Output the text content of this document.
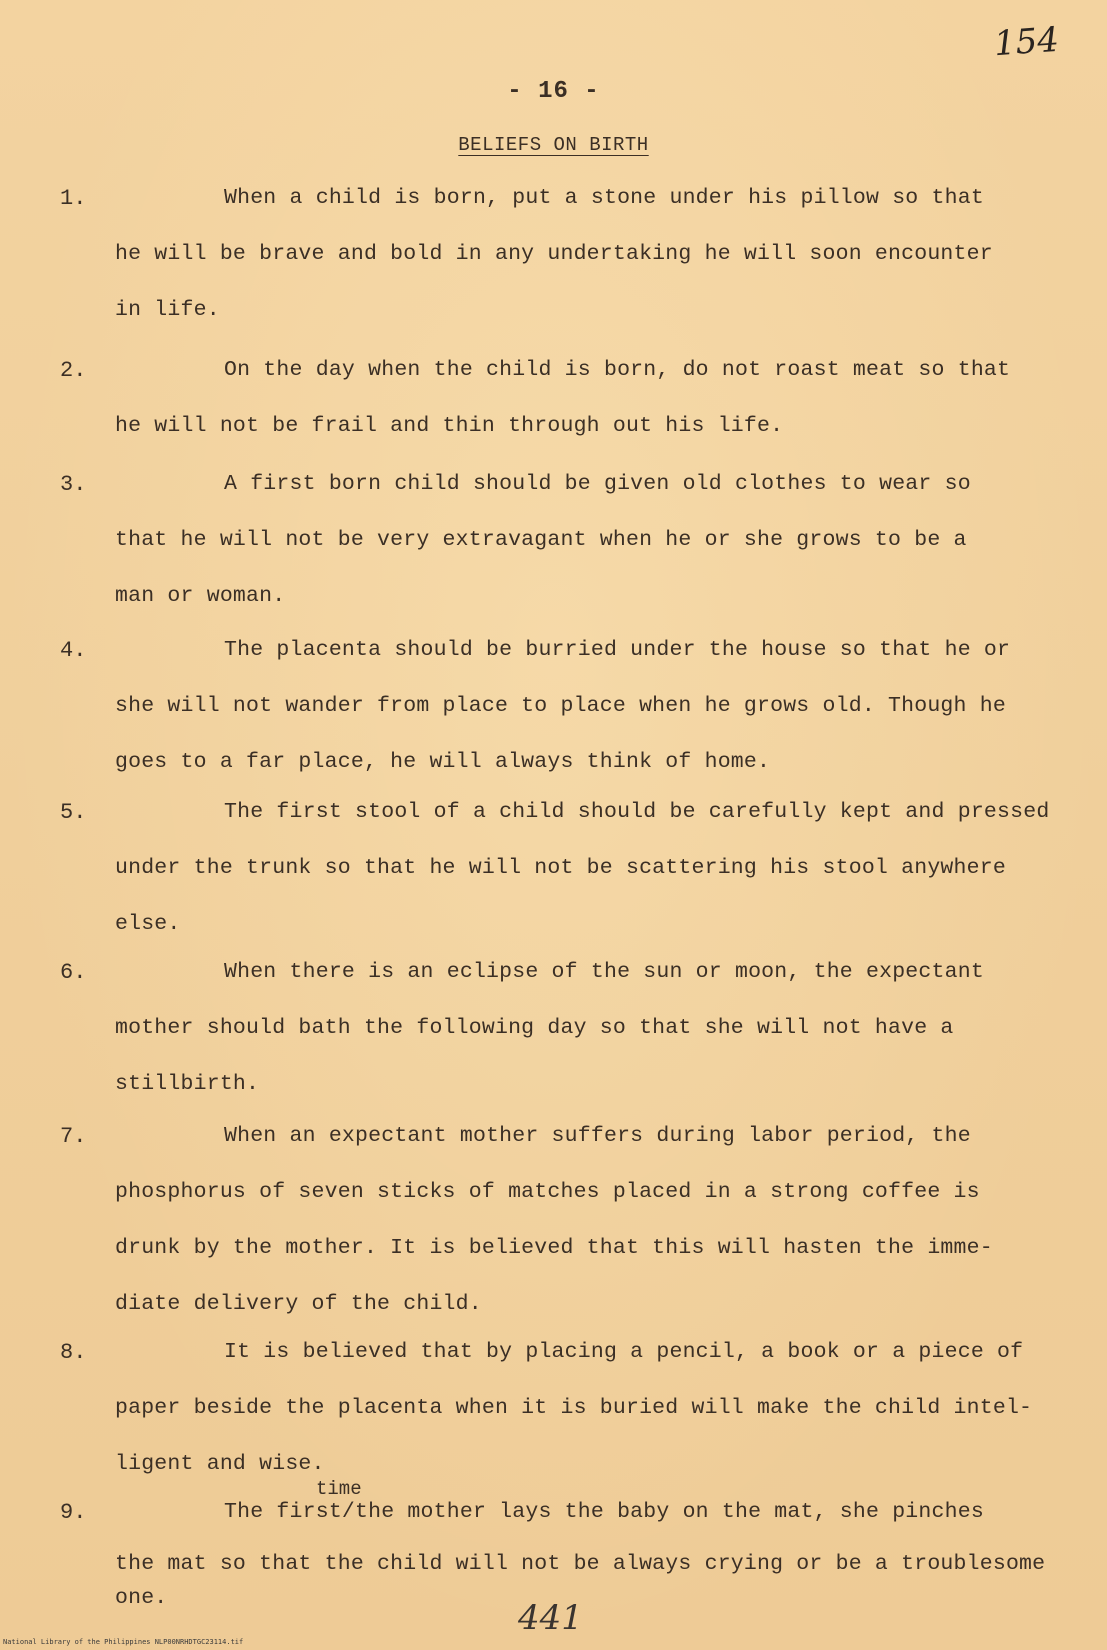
154
- 16 -
BELIEFS ON BIRTH
1.	When a child is born, put a stone under his pillow so that
he will be brave and bold in any undertaking he will soon encounter
in life.
2.	On the day when the child is born, do not roast meat so that
he will not be frail and thin through out his life.
3.	A first born child should be given old clothes to wear so
that he will not be very extravagant when he or she grows to be a
man or woman.
4.	The placenta should be burried under the house so that he or
she will not wander from place to place when he grows old. Though he
goes to a far place, he will always think of home.
5.	The first stool of a child should be carefully kept and pressed
under the trunk so that he will not be scattering his stool anywhere
else.
6.	When there is an eclipse of the sun or moon, the expectant
mother should bath the following day so that she will not have a
stillbirth.
7.	When an expectant mother suffers during labor period, the
phosphorus of seven sticks of matches placed in a strong coffee is
drunk by the mother. It is believed that this will hasten the imme-
diate delivery of the child.
8.	It is believed that by placing a pencil, a book or a piece of
paper beside the placenta when it is buried will make the child intel-
ligent and wise.
time
9.	The first/the mother lays the baby on the mat, she pinches
the mat so that the child will not be always crying or be a troublesome
one.	441
National Library of the Philippines NLP00NRHDTGC23114.tif
